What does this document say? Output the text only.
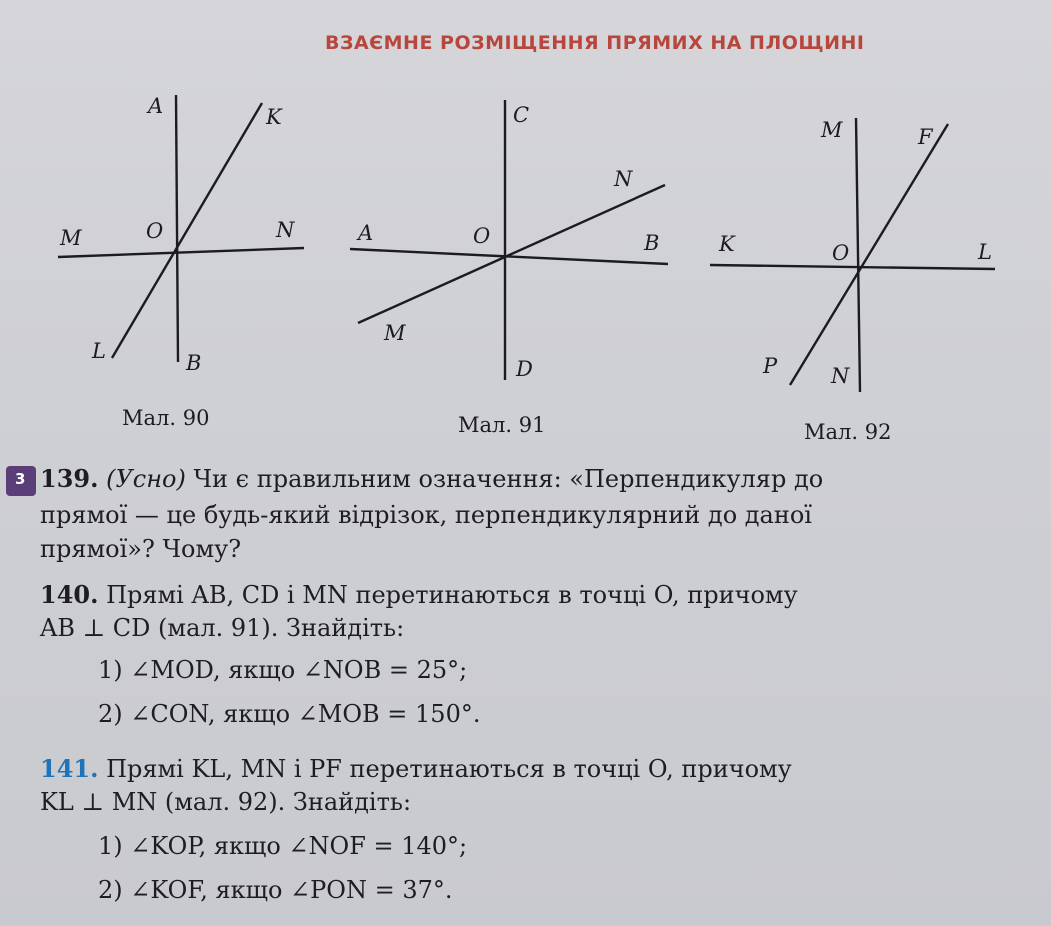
ВЗАЄМНЕ РОЗМІЩЕННЯ ПРЯМИХ НА ПЛОЩИНІ
A	K
M	O	N
L	B
Мал. 90
C
N
A	O	B
M
D
Мал. 91
M	F
K	O	L
P	N
Мал. 92
3 139. (Усно) Чи є правильним означення: «Перпендикуляр до
прямої — це будь-який відрізок, перпендикулярний до даної
прямої»? Чому?
140. Прямі AB, CD і MN перетинаються в точці O, причому
AB ⊥ CD (мал. 91). Знайдіть:
1) ∠MOD, якщо ∠NOB = 25°;
2) ∠CON, якщо ∠MOB = 150°.
141. Прямі KL, MN і PF перетинаються в точці O, причому
KL ⊥ MN (мал. 92). Знайдіть:
1) ∠KOP, якщо ∠NOF = 140°;
2) ∠KOF, якщо ∠PON = 37°.
